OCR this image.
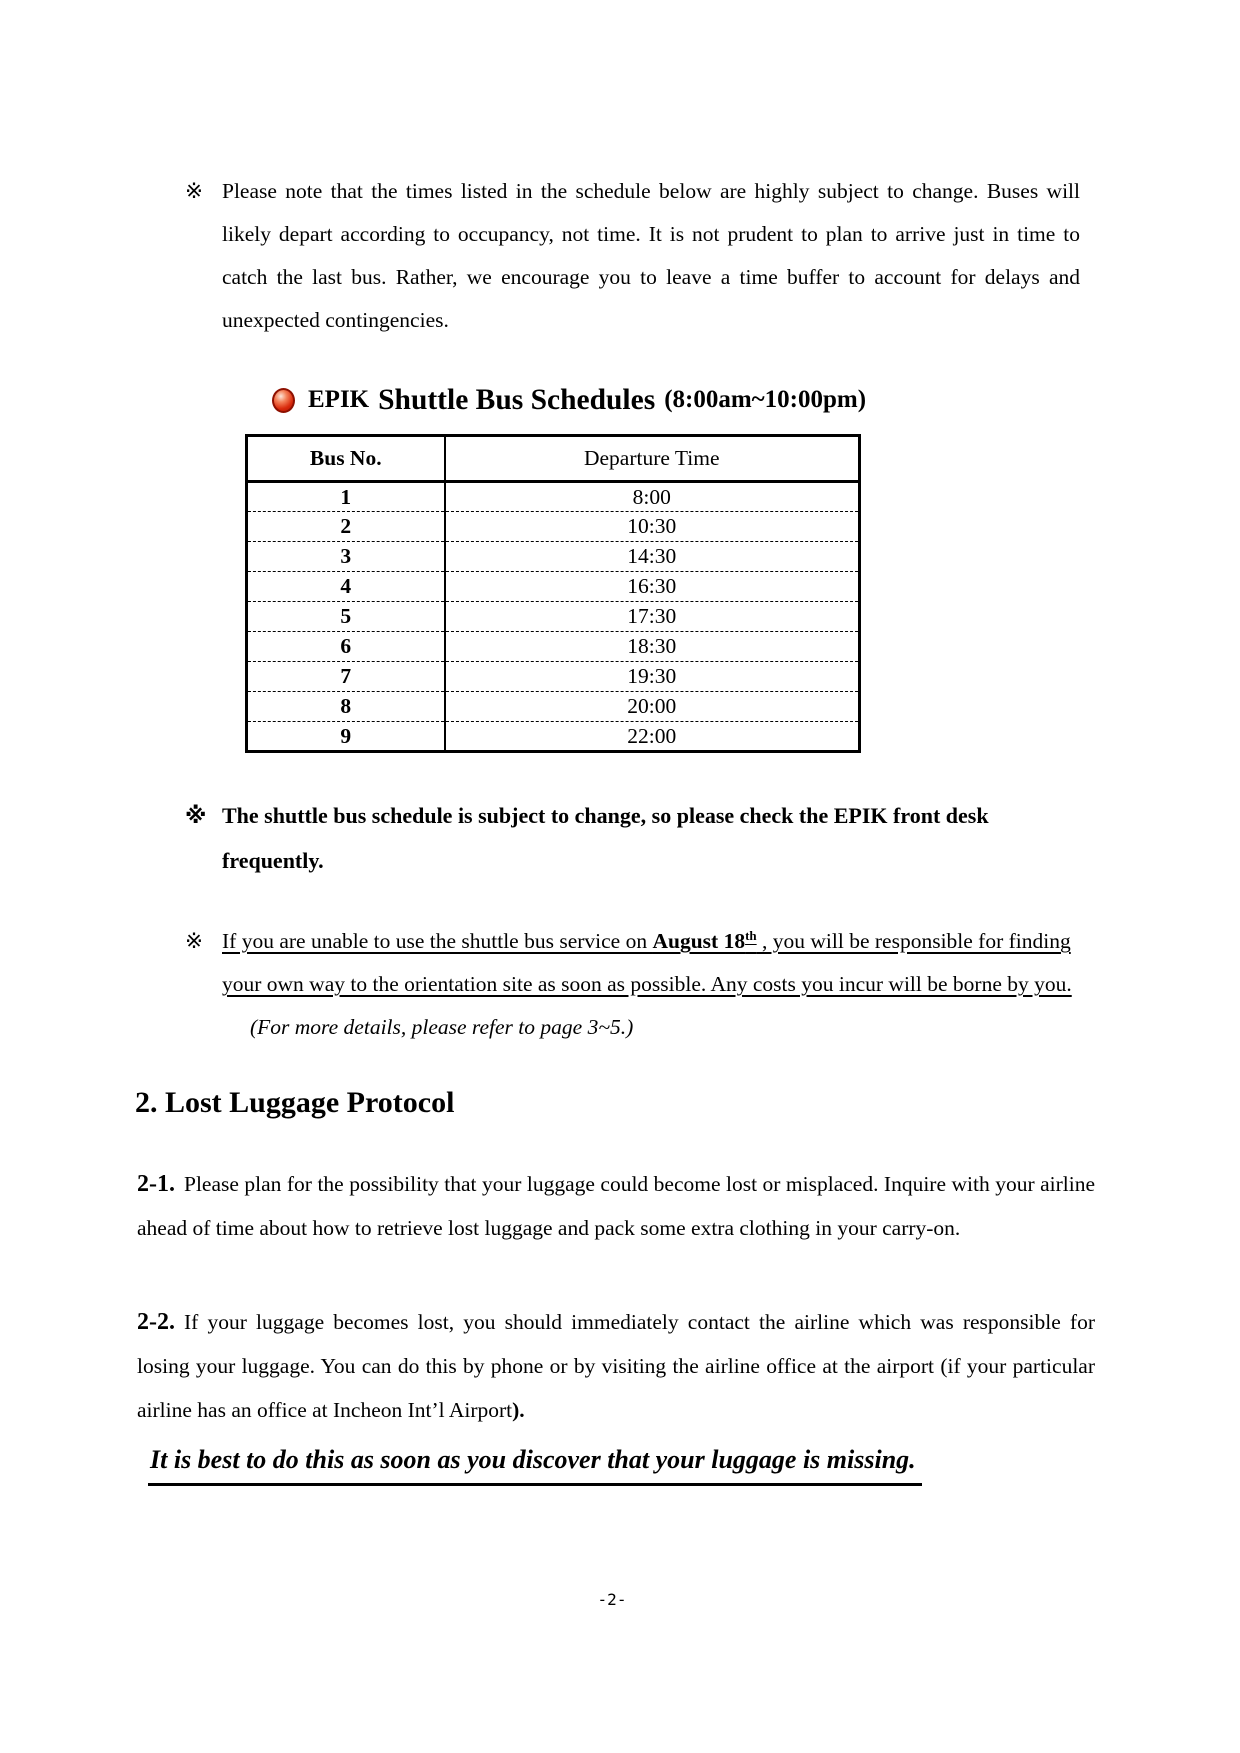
※ Please note that the times listed in the schedule below are highly subject to change. Buses will likely depart according to occupancy, not time. It is not prudent to plan to arrive just in time to catch the last bus. Rather, we encourage you to leave a time buffer to account for delays and unexpected contingencies.
EPIK Shuttle Bus Schedules (8:00am~10:00pm)
Bus No.	Departure Time
1	8:00
2	10:30
3	14:30
4	16:30
5	17:30
6	18:30
7	19:30
8	20:00
9	22:00
※ The shuttle bus schedule is subject to change, so please check the EPIK front desk frequently.
※ If you are unable to use the shuttle bus service on August 18th , you will be responsible for finding your own way to the orientation site as soon as possible. Any costs you incur will be borne by you.(For more details, please refer to page 3~5.)
2. Lost Luggage Protocol

2-1. Please plan for the possibility that your luggage could become lost or misplaced. Inquire with your airline ahead of time about how to retrieve lost luggage and pack some extra clothing in your carry-on.

2-2. If your luggage becomes lost, you should immediately contact the airline which was responsible for losing your luggage. You can do this by phone or by visiting the airline office at the airport (if your particular airline has an office at Incheon Int’l Airport).

It is best to do this as soon as you discover that your luggage is missing.

-2-
